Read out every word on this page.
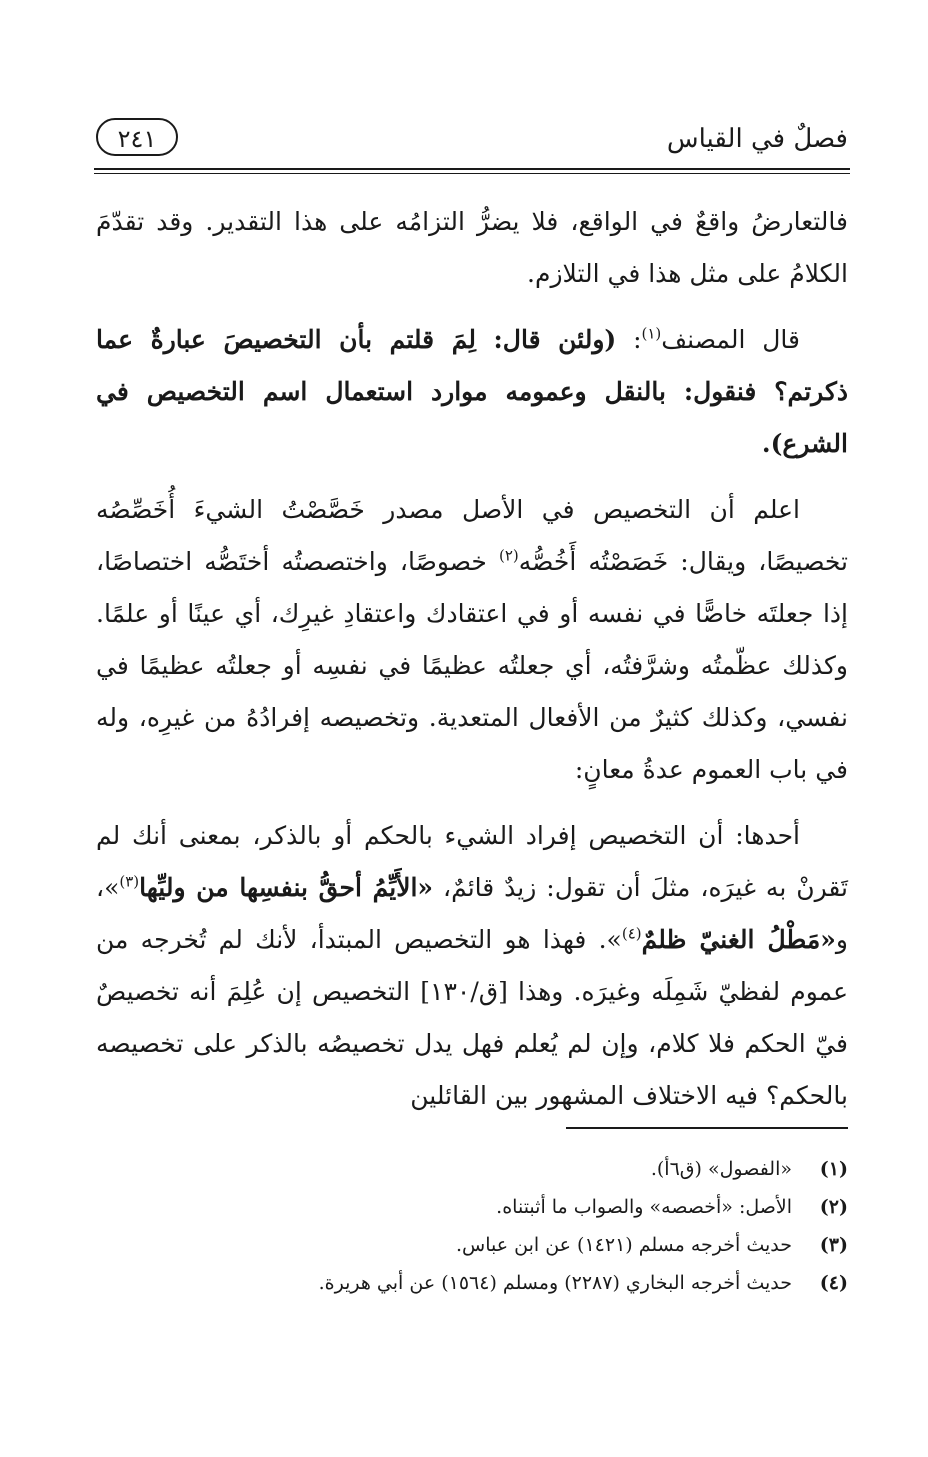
فصلٌ في القياس
٢٤١

فالتعارضُ واقعٌ في الواقع، فلا يضرُّ التزامُه على هذا التقدير. وقد تقدّمَ الكلامُ على مثل هذا في التلازم.

قال المصنف$^{(١)}$: (ولئن قال: لِمَ قلتم بأن التخصيصَ عبارةٌ عما ذكرتم؟ فنقول: بالنقل وعمومه موارد استعمال اسم التخصيص في الشرع).

اعلم أن التخصيص في الأصل مصدر خَصَّصْتُ الشيءَ أُخَصِّصُه تخصيصًا، ويقال: خَصَصْتُه أَخُصُّه$^{(٢)}$ خصوصًا، واختصصتُه أختَصُّه اختصاصًا، إذا جعلتَه خاصًّا في نفسه أو في اعتقادك واعتقادِ غيرِك، أي عينًا أو علمًا. وكذلك عظّمتُه وشرَّفتُه، أي جعلتُه عظيمًا في نفسِه أو جعلتُه عظيمًا في نفسي، وكذلك كثيرٌ من الأفعال المتعدية. وتخصيصه إفرادُهُ من غيرِه، وله في باب العموم عدةُ معانٍ:

أحدها: أن التخصيص إفراد الشيء بالحكم أو بالذكر، بمعنى أنك لم تَقرنْ به غيرَه، مثلَ أن تقول: زيدٌ قائمٌ، «الأَيِّمُ أحقُّ بنفسِها من وليِّها$^{(٣)}$»، و«مَطْلُ الغنيّ ظلمٌ$^{(٤)}$». فهذا هو التخصيص المبتدأ، لأنك لم تُخرجه من عموم لفظيّ شَمِلَه وغيرَه. وهذا [ق/١٣٠] التخصيص إن عُلِمَ أنه تخصيصٌ فيّ الحكم فلا كلام، وإن لم يُعلم فهل يدل تخصيصُه بالذكر على تخصيصه بالحكم؟ فيه الاختلاف المشهور بين القائلين

(١)
«الفصول» (ق٦أ).
(٢)
الأصل: «أخصصه» والصواب ما أثبتناه.
(٣)
حديث أخرجه مسلم (١٤٢١) عن ابن عباس.
(٤)
حديث أخرجه البخاري (٢٢٨٧) ومسلم (١٥٦٤) عن أبي هريرة.
